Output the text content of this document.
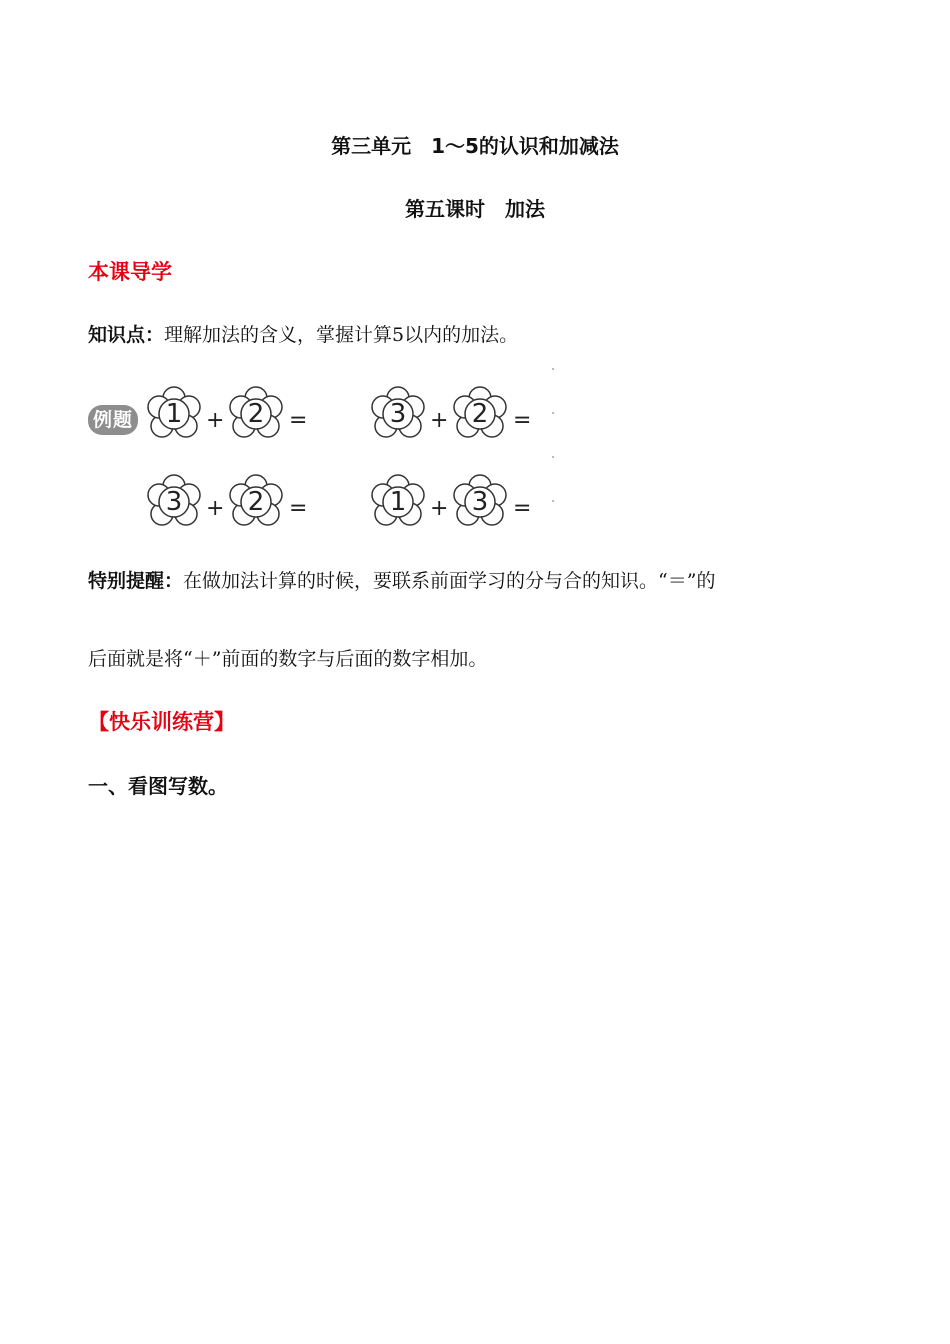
第三单元　1～5的认识和加减法
第五课时　加法
本课导学
知识点：理解加法的含义，掌握计算5以内的加法。
例题	1	+ 2	=	3	+ 2	=
3	+ 2	=	1	+ 3	=
特别提醒：在做加法计算的时候，要联系前面学习的分与合的知识。“＝”的
后面就是将“＋”前面的数字与后面的数字相加。
【快乐训练营】
一、看图写数。
